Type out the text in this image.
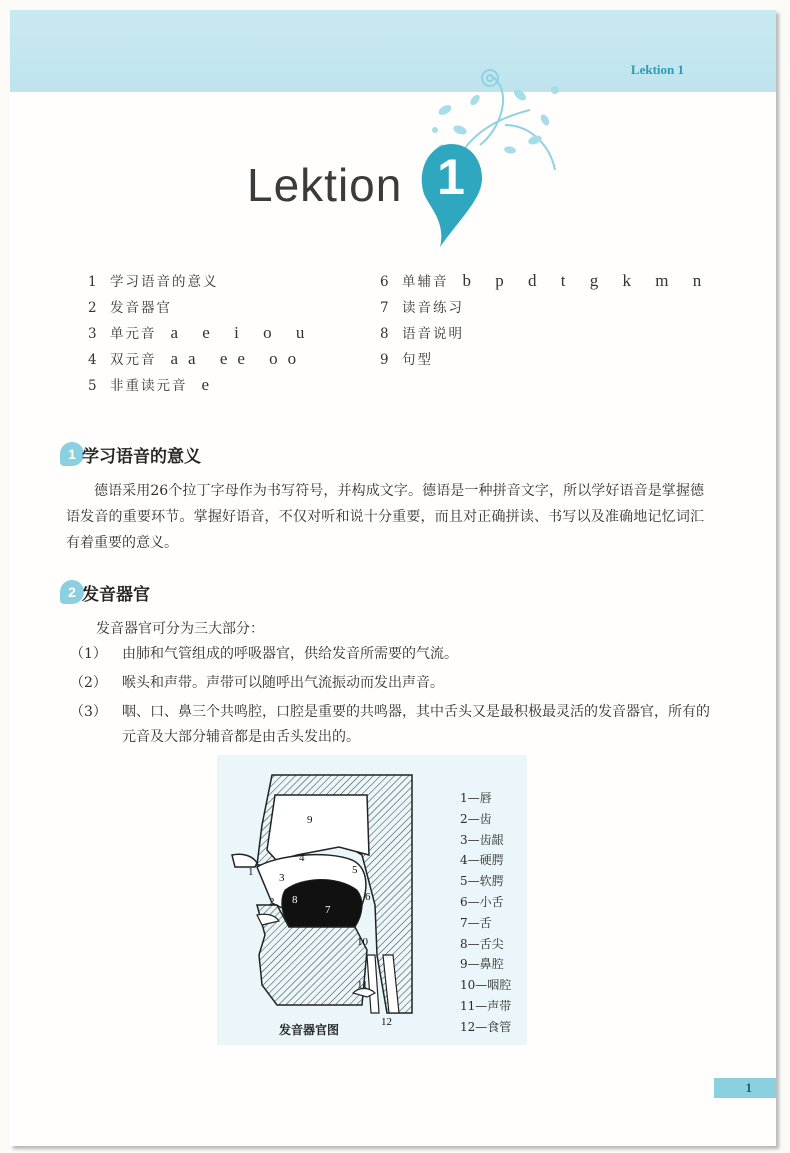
Lektion 1
Lektion 1
1 学习语音的意义
2 发音器官
3 单元音 a e i o u
4 双元音 aa ee oo
5 非重读元音 e
6 单辅音 b p d t g k m n
7 读音练习
8 语音说明
9 句型
1 学习语音的意义

德语采用26个拉丁字母作为书写符号，并构成文字。德语是一种拼音文字，所以学好语音是掌握德语发音的重要环节。掌握好语音，不仅对听和说十分重要，而且对正确拼读、书写以及准确地记忆词汇有着重要的意义。

2 发音器官
发音器官可分为三大部分：
（1）	由肺和气管组成的呼吸器官，供给发音所需要的气流。
（2）	喉头和声带。声带可以随呼出气流振动而发出声音。
（3）	咽、口、鼻三个共鸣腔，口腔是重要的共鸣器，其中舌头又是最积极最灵活的发音器官，所有的元音及大部分辅音都是由舌头发出的。
9
4
5
3
1
2	6
8
7
10
11
12
发音器官图
1—唇
2—齿
3—齿龈
4—硬腭
5—软腭
6—小舌
7—舌
8—舌尖
9—鼻腔
10—咽腔
11—声带
12—食管
1
